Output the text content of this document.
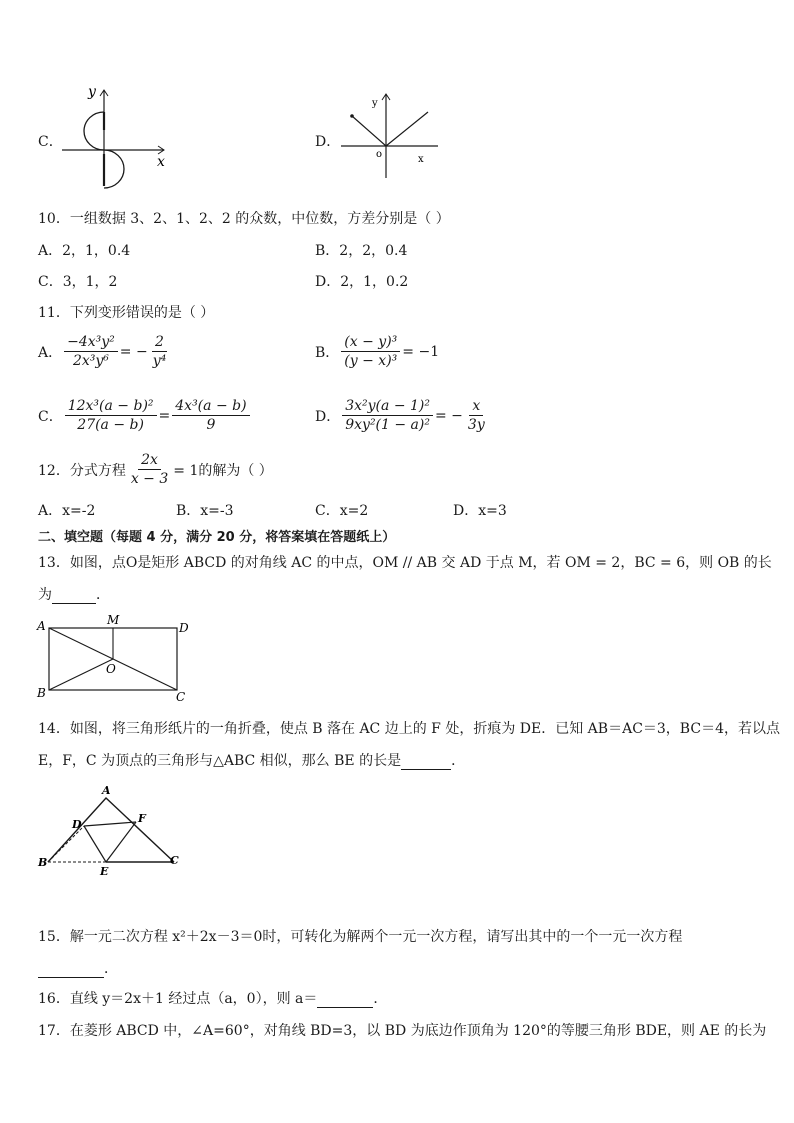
C．
y
x
D．
y
o	x
10．一组数据 3、2、1、2、2 的众数，中位数，方差分别是（ ）
A．2，1，0.4	B．2，2，0.4
C．3，1，2	D．2，1，0.2
11．下列变形错误的是（ ）
A． $\frac{\text{−4x³y²}}{\text{2x³y⁶}}$ = − $\frac{2}{\text{y⁴}}$	B． $\frac{\text{(x − y)³}}{\text{(y − x)³}} = -1$
C． $\frac{\text{12x³(a − b)²}}{27(a - b)} = \frac{\text{4x³(a − b)}}{9}$	D． $\frac{\text{3x²y(a − 1)²}}{\text{9xy²(1 − a)²}}$ = − $\frac{x}{3y}$
12．分式方程 $\frac{2x}{x - 3} = 1$的解为（ ）
A．x=-2	B．x=-3	C．x=2	D．x=3
二、填空题（每题 4 分，满分 20 分，将答案填在答题纸上）
13．如图，点O是矩形 ABCD 的对角线 AC 的中点，OM // AB 交 AD 于点 M，若 OM = 2，BC = 6，则 OB 的长
为	．
A	M
D
O
B	C
14．如图，将三角形纸片的一角折叠，使点 B 落在 AC 边上的 F 处，折痕为 DE．已知 AB＝AC＝3，BC＝4，若以点
E，F，C 为顶点的三角形与△ABC 相似，那么 BE 的长是	．
A
D	F
B
E
C
15．解一元二次方程 x²＋2x－3＝0时，可转化为解两个一元一次方程，请写出其中的一个一元一次方程
．
16．直线 y＝2x＋1 经过点（a，0），则 a＝	．
17．在菱形 ABCD 中，∠A=60°，对角线 BD=3，以 BD 为底边作顶角为 120°的等腰三角形 BDE，则 AE 的长为
